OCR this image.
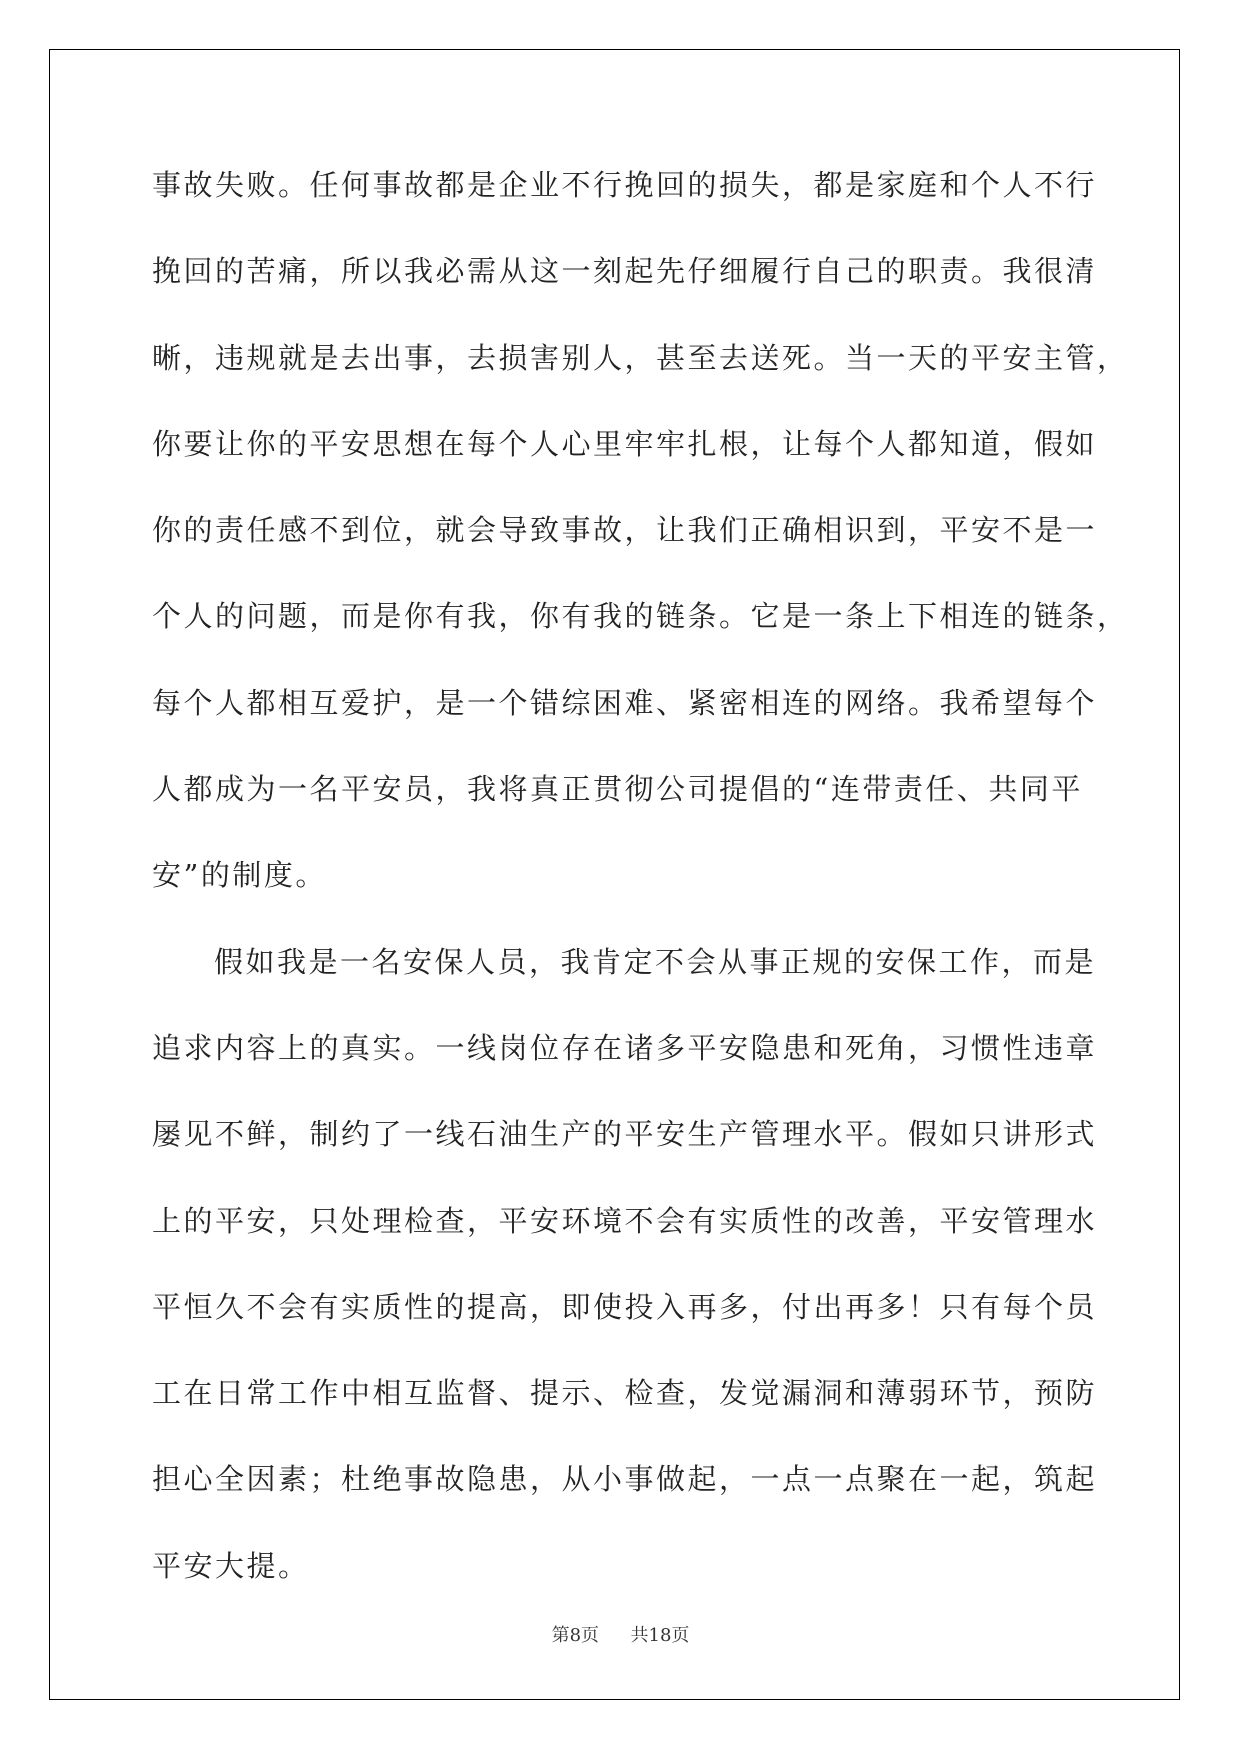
事故失败。任何事故都是企业不行挽回的损失，都是家庭和个人不行
挽回的苦痛，所以我必需从这一刻起先仔细履行自己的职责。我很清
晰，违规就是去出事，去损害别人，甚至去送死。当一天的平安主管，
你要让你的平安思想在每个人心里牢牢扎根，让每个人都知道，假如
你的责任感不到位，就会导致事故，让我们正确相识到，平安不是一
个人的问题，而是你有我，你有我的链条。它是一条上下相连的链条，
每个人都相互爱护，是一个错综困难、紧密相连的网络。我希望每个
人都成为一名平安员，我将真正贯彻公司提倡的“连带责任、共同平
安”的制度。
假如我是一名安保人员，我肯定不会从事正规的安保工作，而是
追求内容上的真实。一线岗位存在诸多平安隐患和死角，习惯性违章
屡见不鲜，制约了一线石油生产的平安生产管理水平。假如只讲形式
上的平安，只处理检查，平安环境不会有实质性的改善，平安管理水
平恒久不会有实质性的提高，即使投入再多，付出再多！只有每个员
工在日常工作中相互监督、提示、检查，发觉漏洞和薄弱环节，预防
担心全因素；杜绝事故隐患，从小事做起，一点一点聚在一起，筑起
平安大提。
第8页 共18页
